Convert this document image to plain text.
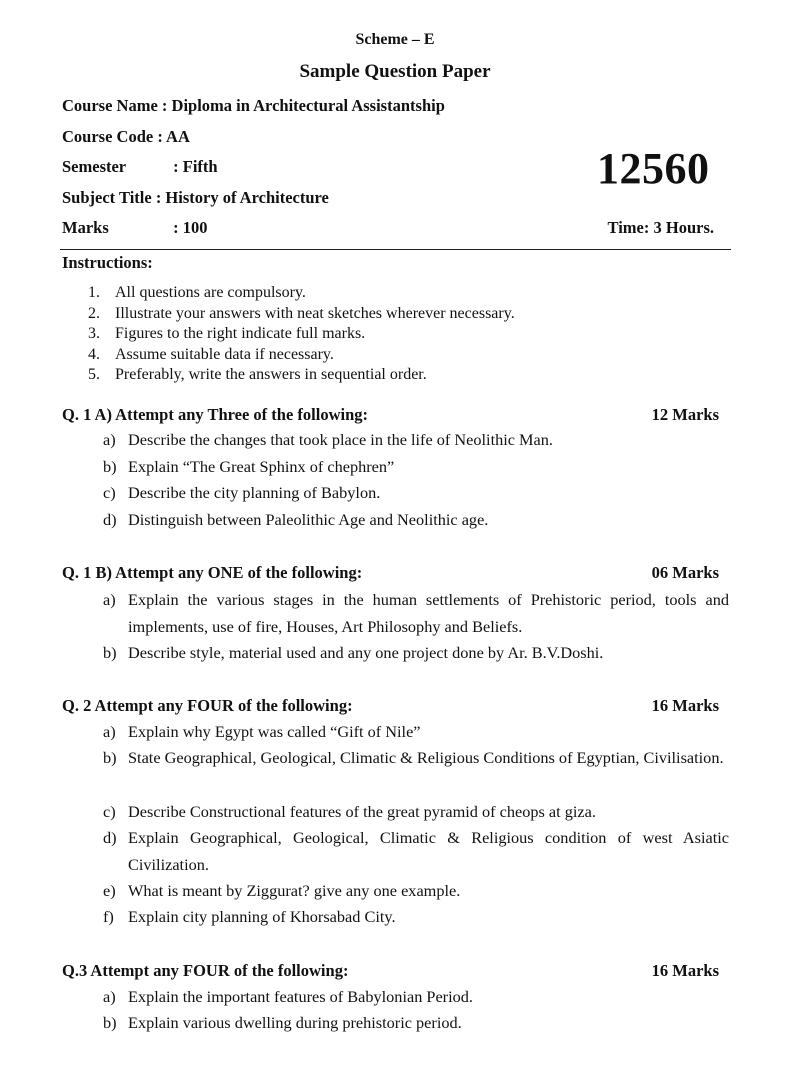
Scheme – E
Sample Question Paper
Course Name : Diploma in Architectural Assistantship
Course Code : AA
Semester	: Fifth
Subject Title : History of Architecture
Marks	: 100
12560
Time: 3 Hours.
Instructions:
1. All questions are compulsory.
2. Illustrate your answers with neat sketches wherever necessary.
3. Figures to the right indicate full marks.
4. Assume suitable data if necessary.
5. Preferably, write the answers in sequential order.
Q. 1 A) Attempt any Three of the following:	12 Marks
a) Describe the changes that took place in the life of Neolithic Man.
b) Explain “The Great Sphinx of chephren”
c) Describe the city planning of Babylon.
d) Distinguish between Paleolithic Age and Neolithic age.
Q. 1 B) Attempt any ONE of the following:	06 Marks
a) Explain the various stages in the human settlements of Prehistoric period, tools and implements, use of fire, Houses, Art Philosophy and Beliefs.
b) Describe style, material used and any one project done by Ar. B.V.Doshi.
Q. 2 Attempt any FOUR of the following:	16 Marks
a) Explain why Egypt was called “Gift of Nile”
b) State Geographical, Geological, Climatic & Religious Conditions of Egyptian, Civilisation.
c) Describe Constructional features of the great pyramid of cheops at giza.
d) Explain Geographical, Geological, Climatic & Religious condition of west Asiatic Civilization.
e) What is meant by Ziggurat? give any one example.
f) Explain city planning of Khorsabad City.
Q.3 Attempt any FOUR of the following:	16 Marks
a) Explain the important features of Babylonian Period.
b) Explain various dwelling during prehistoric period.
